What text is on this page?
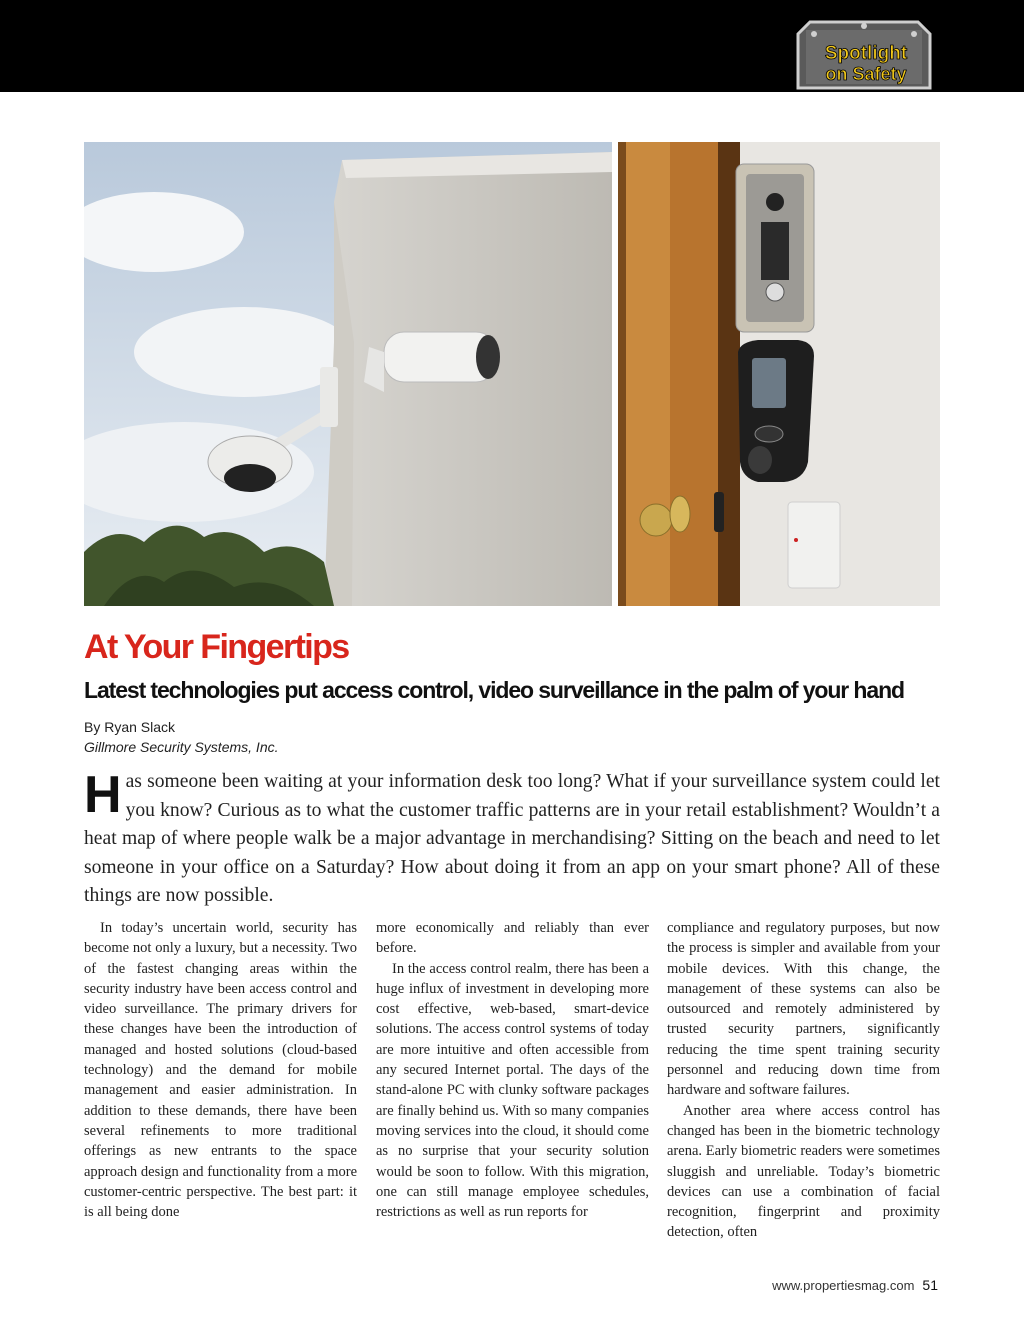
Spotlight
on Safety
At Your Fingertips
Latest technologies put access control, video surveillance in the palm of your hand
By Ryan Slack
Gillmore Security Systems, Inc.

Has someone been waiting at your information desk too long? What if your surveillance system could let you know? Curious as to what the customer traffic patterns are in your retail establishment? Wouldn’t a heat map of where people walk be a major advantage in merchandising? Sitting on the beach and need to let someone in your office on a Saturday? How about doing it from an app on your smart phone? All of these things are now possible.

In today’s uncertain world, security has become not only a luxury, but a necessity. Two of the fastest changing areas within the security industry have been access control and video surveillance. The primary drivers for these changes have been the introduction of managed and hosted solutions (cloud-based technology) and the demand for mobile management and easier administration. In addition to these demands, there have been several refinements to more traditional offerings as new entrants to the space approach design and functionality from a more customer-centric perspective. The best part: it is all being done

more economically and reliably than ever before.

In the access control realm, there has been a huge influx of investment in developing more cost effective, web-based, smart-device solutions. The access control systems of today are more intuitive and often accessible from any secured Internet portal. The days of the stand-alone PC with clunky software packages are finally behind us. With so many companies moving services into the cloud, it should come as no surprise that your security solution would be soon to follow. With this migration, one can still manage employee schedules, restrictions as well as run reports for

compliance and regulatory purposes, but now the process is simpler and available from your mobile devices. With this change, the management of these systems can also be outsourced and remotely administered by trusted security partners, significantly reducing the time spent training security personnel and reducing down time from hardware and software failures.

Another area where access control has changed has been in the biometric technology arena. Early biometric readers were sometimes sluggish and unreliable. Today’s biometric devices can use a combination of facial recognition, fingerprint and proximity detection, often

www.propertiesmag.com 51
